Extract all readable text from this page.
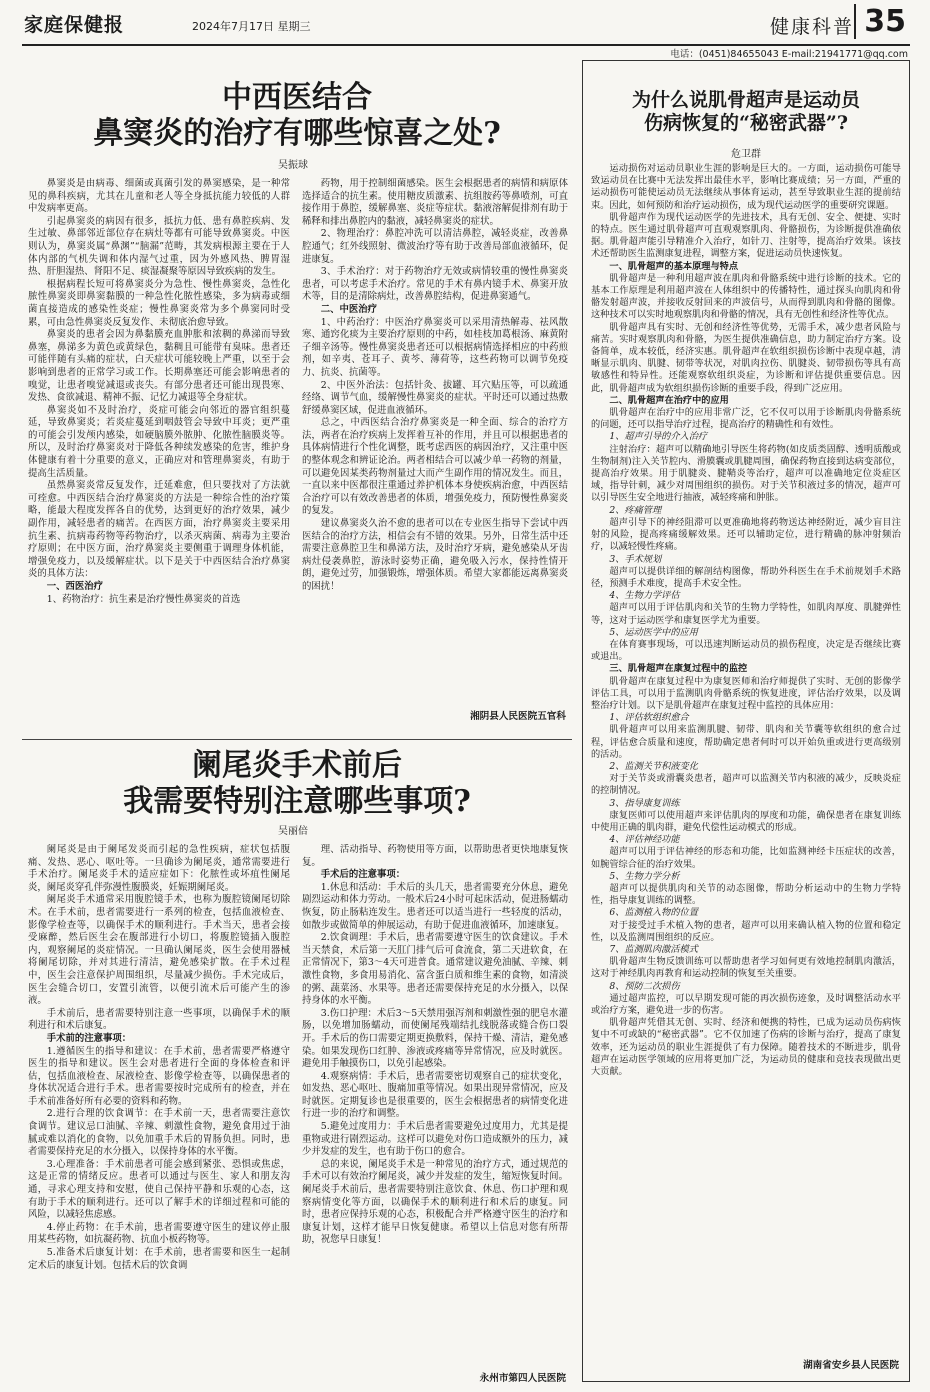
家庭保健报	2024年7月17日 星期三	健康科普 35
电话：(0451)84655043 E-mail:21941771@qq.com
中西医结合
鼻窦炎的治疗有哪些惊喜之处?
吴振球

鼻窦炎是由病毒、细菌或真菌引发的鼻窦感染，是一种常见的鼻科疾病，尤其在儿童和老人等全身抵抗能力较低的人群中发病率更高。

引起鼻窦炎的病因有很多，抵抗力低、患有鼻腔疾病、发生过敏、鼻部邻近部位存在病灶等都有可能导致鼻窦炎。中医则认为，鼻窦炎属“鼻渊”“脑漏”范畴，其发病根源主要在于人体内部的气机失调和体内湿气过重，因为外感风热、脾胃湿热、肝胆湿热、肾阳不足、痰湿凝聚等原因导致疾病的发生。

根据病程长短可将鼻窦炎分为急性、慢性鼻窦炎，急性化脓性鼻窦炎即鼻窦黏膜的一种急性化脓性感染，多为病毒或细菌直接造成的感染性炎症；慢性鼻窦炎常为多个鼻窦同时受累，可由急性鼻窦炎反复发作、未彻底治愈导致。

鼻窦炎的患者会因为鼻黏膜充血肿胀和浓稠的鼻涕而导致鼻塞，鼻涕多为黄色或黄绿色，黏稠且可能带有臭味。患者还可能伴随有头痛的症状，白天症状可能较晚上严重，以至于会影响到患者的正常学习或工作。长期鼻塞还可能会影响患者的嗅觉，让患者嗅觉减退或丧失。有部分患者还可能出现畏寒、发热、食欲减退、精神不振、记忆力减退等全身症状。

鼻窦炎如不及时治疗，炎症可能会向邻近的器官组织蔓延，导致鼻窦炎；若炎症蔓延到咽鼓管会导致中耳炎；更严重的可能会引发颅内感染，如硬脑膜外脓肿、化脓性脑膜炎等。所以，及时治疗鼻窦炎对于降低各种续发感染的危害，维护身体健康有着十分重要的意义，正确应对和管理鼻窦炎，有助于提高生活质量。

虽然鼻窦炎常反复发作，迁延难愈，但只要找对了方法就可痊愈。中西医结合治疗鼻窦炎的方法是一种综合性的治疗策略，能最大程度发挥各自的优势，达到更好的治疗效果，减少副作用，减轻患者的痛苦。在西医方面，治疗鼻窦炎主要采用抗生素、抗病毒药物等药物治疗，以杀灭病菌、病毒为主要治疗原则；在中医方面，治疗鼻窦炎主要侧重于调理身体机能，增强免疫力，以及缓解症状。以下是关于中西医结合治疗鼻窦炎的具体方法：

一、西医治疗

1、药物治疗：抗生素是治疗慢性鼻窦炎的首选

药物，用于控制细菌感染。医生会根据患者的病情和病原体选择适合的抗生素。使用糖皮质激素、抗组胺药等鼻喷剂，可直接作用于鼻腔，缓解鼻塞、炎症等症状。黏液溶解促排剂有助于稀释和排出鼻腔内的黏液，减轻鼻窦炎的症状。

2、物理治疗：鼻腔冲洗可以清洁鼻腔，减轻炎症，改善鼻腔通气；红外线照射、微波治疗等有助于改善局部血液循环，促进康复。

3、手术治疗：对于药物治疗无效或病情较重的慢性鼻窦炎患者，可以考虑手术治疗。常见的手术有鼻内镜手术、鼻窦开放术等，目的是清除病灶，改善鼻腔结构，促进鼻窦通气。

二、中医治疗

1、中药治疗：中医治疗鼻窦炎可以采用清热解毒、祛风散寒、通窍化痰为主要治疗原则的中药，如桂枝加葛根汤、麻黄附子细辛汤等。慢性鼻窦炎患者还可以根据病情选择相应的中药煎剂，如辛夷、苍耳子、黄芩、薄荷等，这些药物可以调节免疫力、抗炎、抗菌等。

2、中医外治法：包括针灸、拔罐、耳穴贴压等，可以疏通经络、调节气血，缓解慢性鼻窦炎的症状。平时还可以通过热敷舒缓鼻窦区域，促进血液循环。

总之，中西医结合治疗鼻窦炎是一种全面、综合的治疗方法，两者在治疗疾病上发挥着互补的作用，并且可以根据患者的具体病情进行个性化调整，既考虑西医的病因治疗，又注重中医的整体观念和辨证论治。两者相结合可以减少单一药物的剂量，可以避免因某类药物剂量过大而产生副作用的情况发生。而且，一直以来中医都很注重通过养护机体本身使疾病治愈，中西医结合治疗可以有效改善患者的体质，增强免疫力，预防慢性鼻窦炎的复发。

建议鼻窦炎久治不愈的患者可以在专业医生指导下尝试中西医结合的治疗方法，相信会有不错的效果。另外，日常生活中还需要注意鼻腔卫生和鼻涕方法，及时治疗牙病，避免感染从牙齿病灶侵袭鼻腔，游泳时姿势正确，避免吸入污水，保持性情开朗，避免过劳，加强锻炼，增强体质。希望大家都能远离鼻窦炎的困扰！

湘阴县人民医院五官科
阑尾炎手术前后
我需要特别注意哪些事项?
吴丽倍

阑尾炎是由于阑尾发炎而引起的急性疾病，症状包括腹痛、发热、恶心、呕吐等。一旦确诊为阑尾炎，通常需要进行手术治疗。阑尾炎手术的适应症如下：化脓性或坏疽性阑尾炎，阑尾炎穿孔伴弥漫性腹膜炎，妊娠期阑尾炎。

阑尾炎手术通常采用腹腔镜手术，也称为腹腔镜阑尾切除术。在手术前，患者需要进行一系列的检查，包括血液检查、影像学检查等，以确保手术的顺利进行。手术当天，患者会接受麻醉，然后医生会在腹部进行小切口，将腹腔镜插入腹腔内，观察阑尾的炎症情况。一旦确认阑尾炎，医生会使用器械将阑尾切除，并对其进行清洁，避免感染扩散。在手术过程中，医生会注意保护周围组织，尽量减少损伤。手术完成后，医生会缝合切口，安置引流管，以便引流术后可能产生的渗液。

手术前后，患者需要特别注意一些事项，以确保手术的顺利进行和术后康复。

手术前的注意事项：

1.遵循医生的指导和建议：在手术前，患者需要严格遵守医生的指导和建议。医生会对患者进行全面的身体检查和评估，包括血液检查、尿液检查、影像学检查等，以确保患者的身体状况适合进行手术。患者需要按时完成所有的检查，并在手术前准备好所有必要的资料和药物。

2.进行合理的饮食调节：在手术前一天，患者需要注意饮食调节。建议忌口油腻、辛辣、刺激性食物，避免食用过于油腻或难以消化的食物，以免加重手术后的胃肠负担。同时，患者需要保持充足的水分摄入，以保持身体的水平衡。

3.心理准备：手术前患者可能会感到紧张、恐惧或焦虑，这是正常的情绪反应。患者可以通过与医生、家人和朋友沟通，寻求心理支持和安慰，使自己保持平静和乐观的心态，这有助于手术的顺利进行。还可以了解手术的详细过程和可能的风险，以减轻焦虑感。

4.停止药物：在手术前，患者需要遵守医生的建议停止服用某些药物，如抗凝药物、抗血小板药物等。

5.准备术后康复计划：在手术前，患者需要和医生一起制定术后的康复计划。包括术后的饮食调

理、活动指导、药物使用等方面，以帮助患者更快地康复恢复。

手术后的注意事项：

1.休息和活动：手术后的头几天，患者需要充分休息，避免剧烈运动和体力劳动。一般术后24小时可起床活动，促进肠蠕动恢复，防止肠粘连发生。患者还可以适当进行一些轻度的活动，如散步或做简单的伸展运动，有助于促进血液循环，加速康复。

2.饮食调理：手术后，患者需要遵守医生的饮食建议。手术当天禁食，术后第一天肛门排气后可食流食，第二天进软食，在正常情况下，第3～4天可进普食。通常建议避免油腻、辛辣、刺激性食物，多食用易消化、富含蛋白质和维生素的食物，如清淡的粥、蔬菜汤、水果等。患者还需要保持充足的水分摄入，以保持身体的水平衡。

3.伤口护理：术后3～5天禁用强泻剂和刺激性强的肥皂水灌肠，以免增加肠蠕动，而使阑尾残端结扎线脱落或缝合伤口裂开。手术后的伤口需要定期更换敷料，保持干燥、清洁，避免感染。如果发现伤口红肿、渗液或疼痛等异常情况，应及时就医。避免用手触摸伤口，以免引起感染。

4.观察病情：手术后，患者需要密切观察自己的症状变化，如发热、恶心呕吐、腹痛加重等情况。如果出现异常情况，应及时就医。定期复诊也是很重要的，医生会根据患者的病情变化进行进一步的治疗和调整。

5.避免过度用力：手术后患者需要避免过度用力，尤其是提重物或进行剧烈运动。这样可以避免对伤口造成额外的压力，减少并发症的发生，也有助于伤口的愈合。

总的来说，阑尾炎手术是一种常见的治疗方式，通过规范的手术可以有效治疗阑尾炎，减少并发症的发生，缩短恢复时间。阑尾炎手术前后，患者需要特别注意饮食、休息、伤口护理和观察病情变化等方面，以确保手术的顺利进行和术后的康复。同时，患者应保持乐观的心态，积极配合并严格遵守医生的治疗和康复计划，这样才能早日恢复健康。希望以上信息对您有所帮助，祝您早日康复！

永州市第四人民医院
为什么说肌骨超声是运动员
伤病恢复的“秘密武器”?
危卫群

运动损伤对运动员职业生涯的影响是巨大的。一方面，运动损伤可能导致运动员在比赛中无法发挥出最佳水平，影响比赛成绩；另一方面，严重的运动损伤可能使运动员无法继续从事体育运动，甚至导致职业生涯的提前结束。因此，如何预防和治疗运动损伤，成为现代运动医学的重要研究课题。

肌骨超声作为现代运动医学的先进技术，具有无创、安全、便捷、实时的特点。医生通过肌骨超声可直观观察肌肉、骨骼损伤，为诊断提供准确依据。肌骨超声能引导精准介入治疗，如针刀、注射等，提高治疗效果。该技术还帮助医生监测康复进程，调整方案，促进运动员快速恢复。

一、肌骨超声的基本原理与特点

肌骨超声是一种利用超声波在肌肉和骨骼系统中进行诊断的技术。它的基本工作原理是利用超声波在人体组织中的传播特性，通过探头向肌肉和骨骼发射超声波，并接收反射回来的声波信号，从而得到肌肉和骨骼的图像。这种技术可以实时地观察肌肉和骨骼的情况，具有无创性和经济性等优点。

肌骨超声具有实时、无创和经济性等优势，无需手术，减少患者风险与痛苦。实时观察肌肉和骨骼，为医生提供准确信息，助力制定治疗方案。设备简单，成本较低，经济实惠。肌骨超声在软组织损伤诊断中表现卓越，清晰显示肌肉、肌腱、韧带等状况，对肌肉拉伤、肌腱炎、韧带损伤等具有高敏感性和特异性。还能观察软组织炎症，为诊断和评估提供重要信息。因此，肌骨超声成为软组织损伤诊断的重要手段，得到广泛应用。

二、肌骨超声在治疗中的应用

肌骨超声在治疗中的应用非常广泛，它不仅可以用于诊断肌肉骨骼系统的问题，还可以指导治疗过程，提高治疗的精确性和有效性。

1、超声引导的介入治疗

注射治疗：超声可以精确地引导医生将药物(如皮质类固醇、透明质酸或生物制剂)注入关节腔内、滑膜囊或肌腱周围，确保药物直接到达病变部位，提高治疗效果。用于肌腱炎、腱鞘炎等治疗，超声可以准确地定位炎症区域，指导针刺，减少对周围组织的损伤。对于关节积液过多的情况，超声可以引导医生安全地进行抽液，减轻疼痛和肿胀。

2、疼痛管理

超声引导下的神经阻滞可以更准确地将药物送达神经附近，减少盲目注射的风险，提高疼痛缓解效果。还可以辅助定位，进行精确的脉冲射频治疗，以减轻慢性疼痛。

3、手术规划

超声可以提供详细的解剖结构图像，帮助外科医生在手术前规划手术路径，预测手术难度，提高手术安全性。

4、生物力学评估

超声可以用于评估肌肉和关节的生物力学特性，如肌肉厚度、肌腱弹性等，这对于运动医学和康复医学尤为重要。

5、运动医学中的应用

在体育赛事现场，可以迅速判断运动员的损伤程度，决定是否继续比赛或退出。

三、肌骨超声在康复过程中的监控

肌骨超声在康复过程中为康复医师和治疗师提供了实时、无创的影像学评估工具，可以用于监测肌肉骨骼系统的恢复进度，评估治疗效果，以及调整治疗计划。以下是肌骨超声在康复过程中监控的具体应用：

1、评估软组织愈合

肌骨超声可以用来监测肌腱、韧带、肌肉和关节囊等软组织的愈合过程，评估愈合质量和速度，帮助确定患者何时可以开始负重或进行更高级别的活动。

2、监测关节积液变化

对于关节炎或滑囊炎患者，超声可以监测关节内积液的减少，反映炎症的控制情况。

3、指导康复训练

康复医师可以使用超声来评估肌肉的厚度和功能，确保患者在康复训练中使用正确的肌肉群，避免代偿性运动模式的形成。

4、评估神经功能

超声可以用于评估神经的形态和功能，比如监测神经卡压症状的改善，如腕管综合征的治疗效果。

5、生物力学分析

超声可以提供肌肉和关节的动态图像，帮助分析运动中的生物力学特性，指导康复训练的调整。

6、监测植入物的位置

对于接受过手术植入物的患者，超声可以用来确认植入物的位置和稳定性，以及监测周围组织的反应。

7、监测肌肉激活模式

肌骨超声生物反馈训练可以帮助患者学习如何更有效地控制肌肉激活，这对于神经肌肉再教育和运动控制的恢复至关重要。

8、预防二次损伤

通过超声监控，可以早期发现可能的再次损伤迹象，及时调整活动水平或治疗方案，避免进一步的伤害。

肌骨超声凭借其无创、实时、经济和便携的特性，已成为运动员伤病恢复中不可或缺的“秘密武器”。它不仅加速了伤病的诊断与治疗，提高了康复效率，还为运动员的职业生涯提供了有力保障。随着技术的不断进步，肌骨超声在运动医学领域的应用将更加广泛，为运动员的健康和竞技表现做出更大贡献。

湖南省安乡县人民医院
